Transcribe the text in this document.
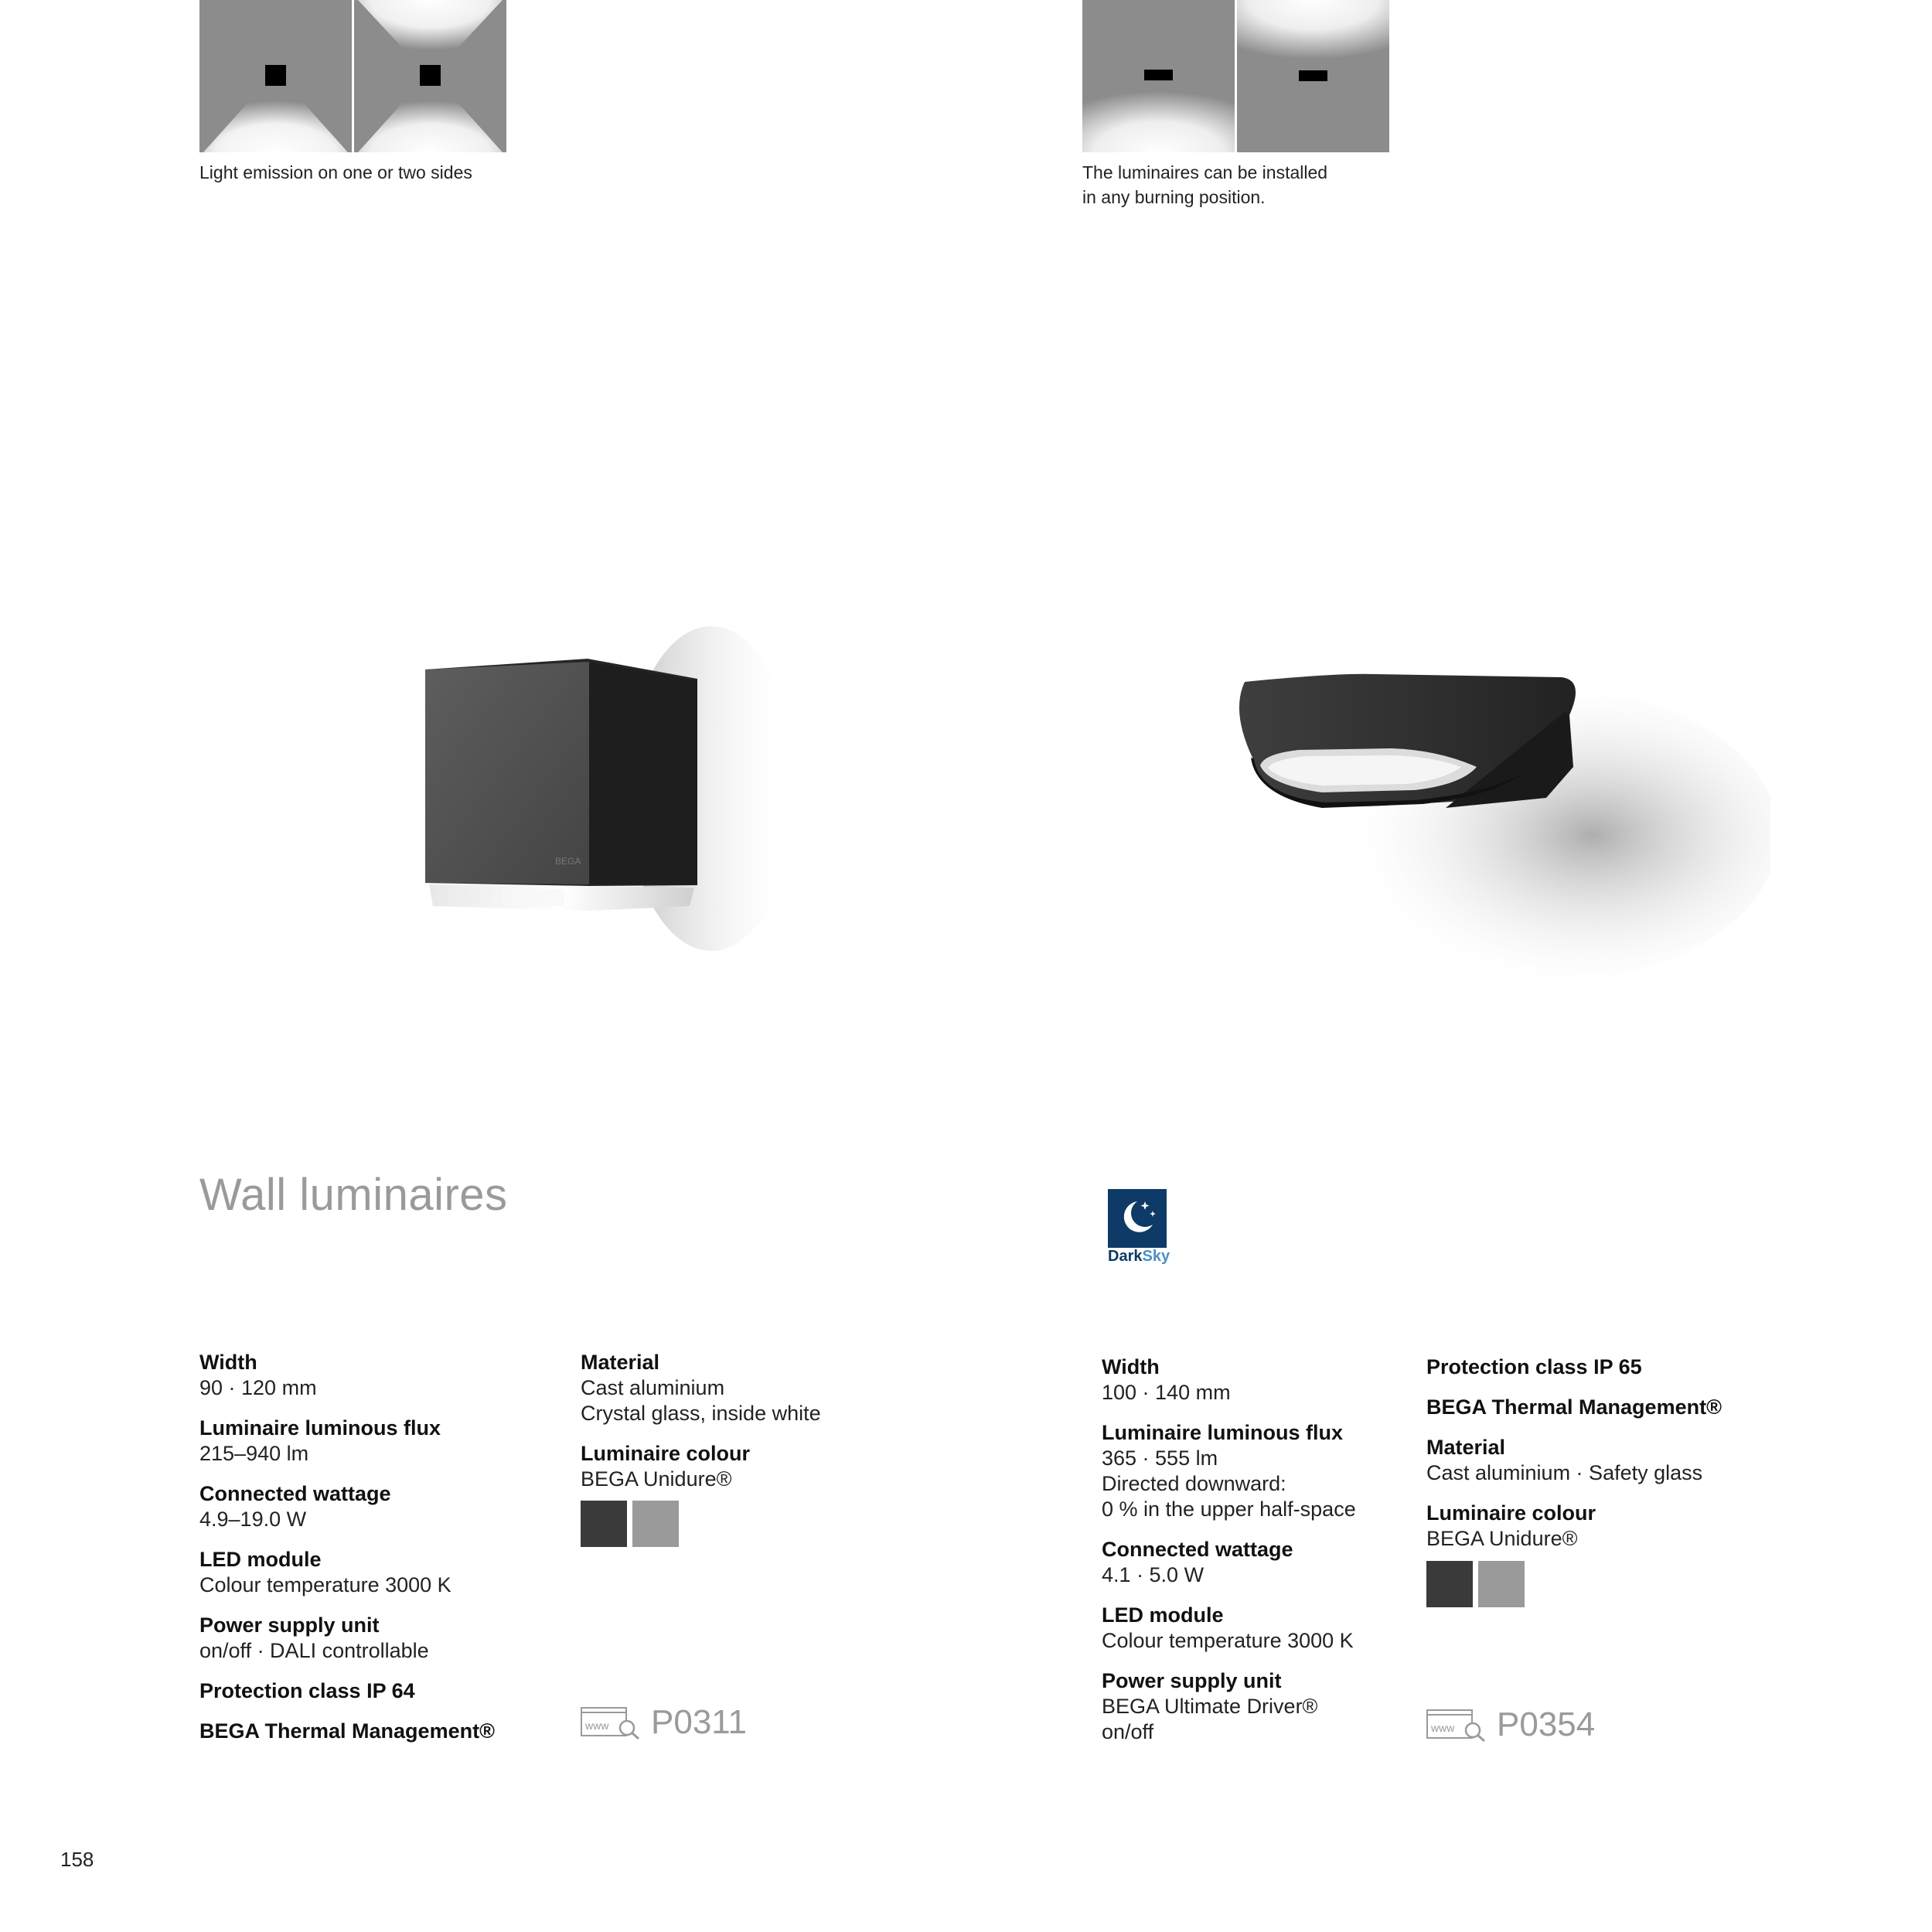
Light emission on one or two sides	The luminaires can be installed
in any burning position.
BEGA
Wall luminaires
DarkSky
Width
90 · 120 mm
Luminaire luminous flux
215–940 lm
Connected wattage
4.9–19.0 W
LED module
Colour temperature 3000 K
Power supply unit
on/off · DALI controllable
Protection class IP 64
BEGA Thermal Management®
Material
Cast aluminium
Crystal glass, inside white
Luminaire colour
BEGA Unidure®
www P0311
Width
100 · 140 mm
Luminaire luminous flux
365 · 555 lm
Directed downward:
0 % in the upper half-space
Connected wattage
4.1 · 5.0 W
LED module
Colour temperature 3000 K
Power supply unit
BEGA Ultimate Driver®
on/off
Protection class IP 65
BEGA Thermal Management®
Material
Cast aluminium · Safety glass
Luminaire colour
BEGA Unidure®
www P0354
158
